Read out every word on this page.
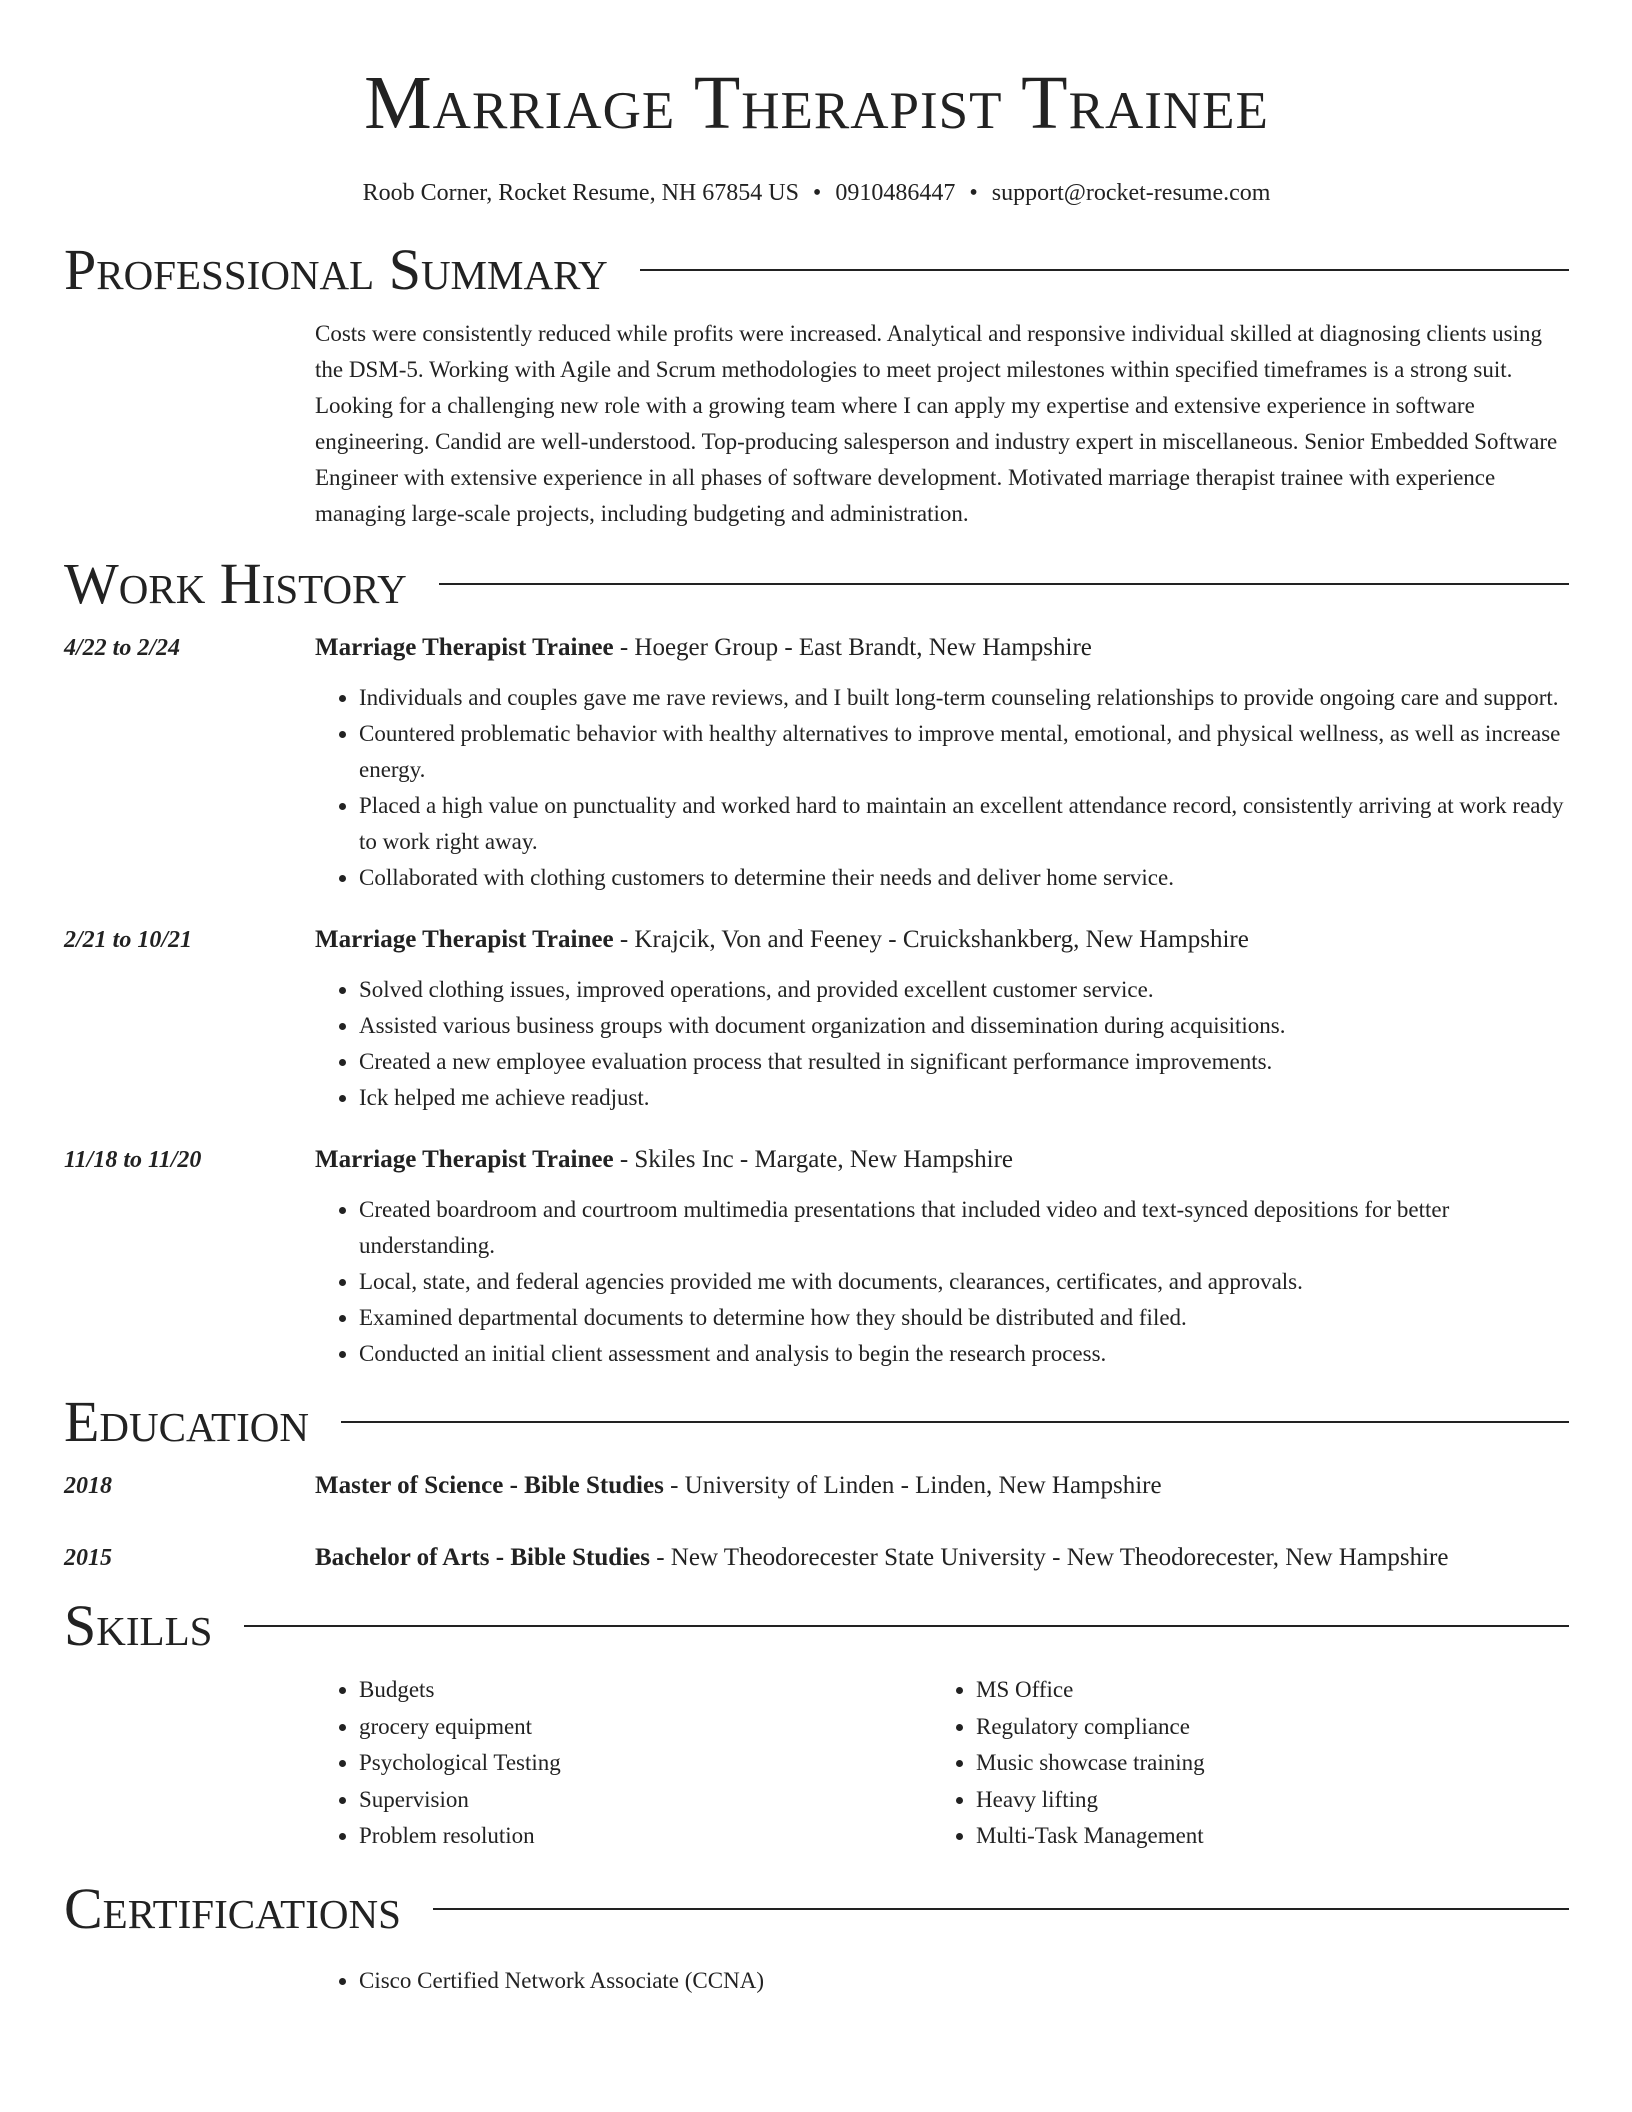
Marriage Therapist Trainee
Roob Corner, Rocket Resume, NH 67854 US • 0910486447 • support@rocket-resume.com
Professional Summary
Costs were consistently reduced while profits were increased. Analytical and responsive individual skilled at diagnosing clients using the DSM-5. Working with Agile and Scrum methodologies to meet project milestones within specified timeframes is a strong suit. Looking for a challenging new role with a growing team where I can apply my expertise and extensive experience in software engineering. Candid are well-understood. Top-producing salesperson and industry expert in miscellaneous. Senior Embedded Software Engineer with extensive experience in all phases of software development. Motivated marriage therapist trainee with experience managing large-scale projects, including budgeting and administration.
Work History
4/22 to 2/24	Marriage Therapist Trainee - Hoeger Group - East Brandt, New Hampshire
• Individuals and couples gave me rave reviews, and I built long-term counseling relationships to provide ongoing care and support.
• Countered problematic behavior with healthy alternatives to improve mental, emotional, and physical wellness, as well as increase energy.
• Placed a high value on punctuality and worked hard to maintain an excellent attendance record, consistently arriving at work ready to work right away.
• Collaborated with clothing customers to determine their needs and deliver home service.
2/21 to 10/21	Marriage Therapist Trainee - Krajcik, Von and Feeney - Cruickshankberg, New Hampshire
• Solved clothing issues, improved operations, and provided excellent customer service.
• Assisted various business groups with document organization and dissemination during acquisitions.
• Created a new employee evaluation process that resulted in significant performance improvements.
• Ick helped me achieve readjust.
11/18 to 11/20	Marriage Therapist Trainee - Skiles Inc - Margate, New Hampshire
• Created boardroom and courtroom multimedia presentations that included video and text-synced depositions for better understanding.
• Local, state, and federal agencies provided me with documents, clearances, certificates, and approvals.
• Examined departmental documents to determine how they should be distributed and filed.
• Conducted an initial client assessment and analysis to begin the research process.
Education
2018	Master of Science - Bible Studies - University of Linden - Linden, New Hampshire
2015	Bachelor of Arts - Bible Studies - New Theodorecester State University - New Theodorecester, New Hampshire
Skills
• Budgets
• grocery equipment
• Psychological Testing
• Supervision
• Problem resolution
• MS Office
• Regulatory compliance
• Music showcase training
• Heavy lifting
• Multi-Task Management
Certifications
• Cisco Certified Network Associate (CCNA)
